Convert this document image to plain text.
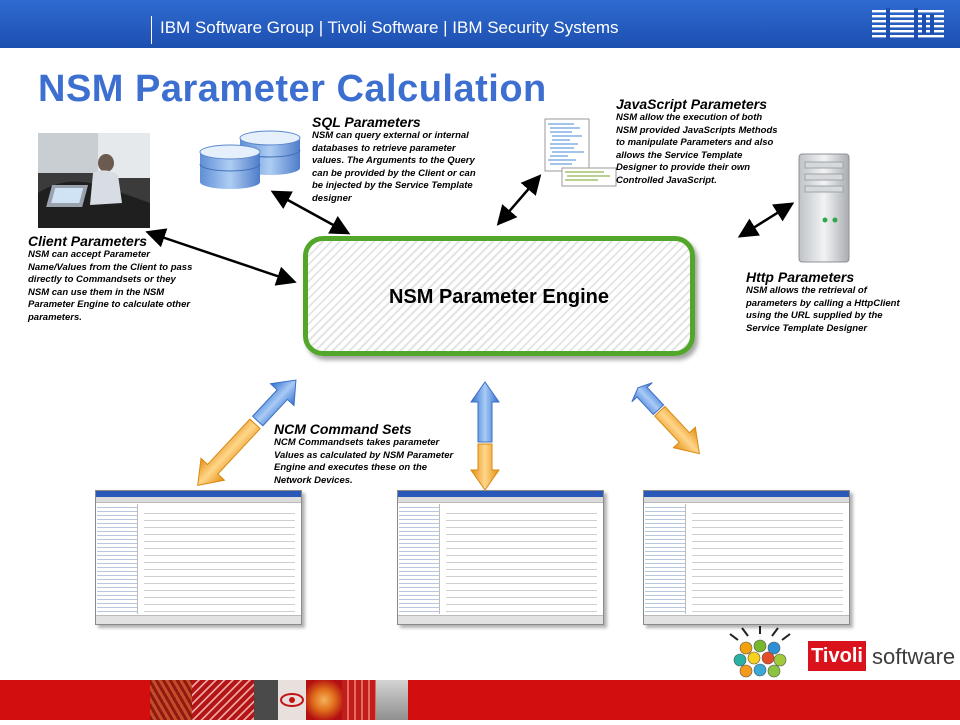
IBM Software Group | Tivoli Software | IBM Security Systems
NSM Parameter Calculation
NSM Parameter Engine
SQL Parameters
NSM can query external or internal
databases to retrieve parameter
values. The Arguments to the Query
can be provided by the Client or can
be injected by the Service Template
designer
JavaScript Parameters
NSM allow the execution of both
NSM provided JavaScripts Methods
to manipulate Parameters and also
allows the Service Template
Designer to provide their own
Controlled JavaScript.
Client Parameters
NSM can accept Parameter
Name/Values from the Client to pass
directly to Commandsets or they
NSM can use them in the NSM
Parameter Engine to calculate other
parameters.
Http Parameters
NSM allows the retrieval of
parameters by calling a HttpClient
using the URL supplied by the
Service Template Designer
NCM Command Sets
NCM Commandsets takes parameter
Values as calculated by NSM Parameter
Engine and executes these on the
Network Devices.
Tivoli software
